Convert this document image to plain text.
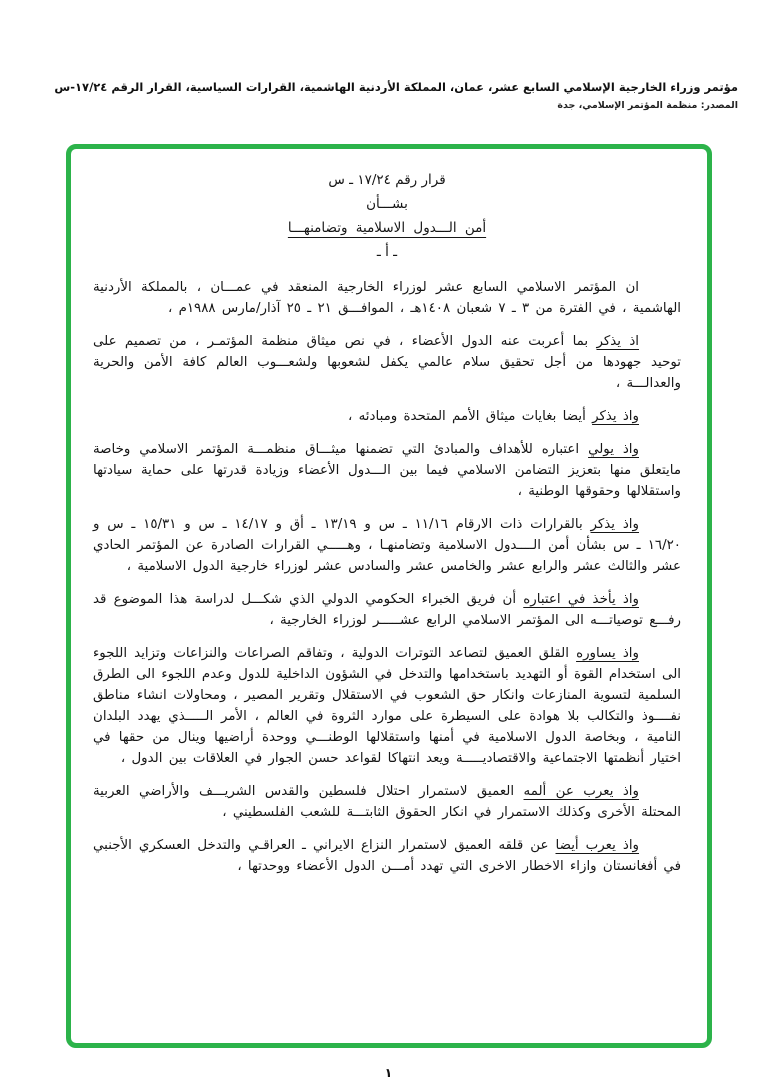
مؤتمر وزراء الخارجية الإسلامي السابع عشر، عمان، المملكة الأردنية الهاشمية، القرارات السياسية، القرار الرقم ١٧/٢٤-س
المصدر: منظمة المؤتمر الإسلامي، جدة
قرار رقم ١٧/٢٤ ـ س
بشـــأن
أمن الـــدول الاسلامية وتضامنهـــا
ـ أ ـ

ان المؤتمر الاسلامي السابع عشر لوزراء الخارجية المنعقد في عمـــان ، بالمملكة الأردنية الهاشمية ، في الفترة من ٣ ـ ٧ شعبان ١٤٠٨هـ ، الموافـــق ٢١ ـ ٢٥ آذار/مارس ١٩٨٨م ،

اذ يذكر بما أعربت عنه الدول الأعضاء ، في نص ميثاق منظمة المؤتمـر ، من تصميم على توحيد جهودها من أجل تحقيق سلام عالمي يكفل لشعوبها ولشعـــوب العالم كافة الأمن والحرية والعدالـــة ،

واذ يذكر أيضا بغايات ميثاق الأمم المتحدة ومبادئه ،

واذ يولي اعتباره للأهداف والمبادئ التي تضمنها ميثـــاق منظمـــة المؤتمر الاسلامي وخاصة مايتعلق منها بتعزيز التضامن الاسلامي فيما بين الـــدول الأعضاء وزيادة قدرتها على حماية سيادتها واستقلالها وحقوقها الوطنية ،

واذ يذكر بالقرارات ذات الارقام ١١/١٦ ـ س و ١٣/١٩ ـ أق و ١٤/١٧ ـ س و ١٥/٣١ ـ س و ١٦/٢٠ ـ س بشأن أمن الــــدول الاسلامية وتضامنهـا ، وهـــــي القرارات الصادرة عن المؤتمر الحادي عشر والثالث عشر والرابع عشر والخامس عشر والسادس عشر لوزراء خارجية الدول الاسلامية ،

واذ يأخذ في اعتباره أن فريق الخبراء الحكومي الدولي الذي شكـــل لدراسة هذا الموضوع قد رفـــع توصياتـــه الى المؤتمر الاسلامي الرابع عشـــــر لوزراء الخارجية ،

واذ يساوره القلق العميق لتصاعد التوترات الدولية ، وتفاقم الصراعات والنزاعات وتزايد اللجوء الى استخدام القوة أو التهديد باستخدامها والتدخل في الشؤون الداخلية للدول وعدم اللجوء الى الطرق السلمية لتسوية المنازعات وانكار حق الشعوب في الاستقلال وتقرير المصير ، ومحاولات انشاء مناطق نفــــوذ والتكالب بلا هوادة على السيطرة على موارد الثروة في العالم ، الأمر الـــــذي يهدد البلدان النامية ، وبخاصة الدول الاسلامية في أمنها واستقلالها الوطنـــي ووحدة أراضيها وينال من حقها في اختيار أنظمتها الاجتماعية والاقتصاديـــــة ويعد انتهاكا لقواعد حسن الجوار في العلاقات بين الدول ،

واذ يعرب عن ألمه العميق لاستمرار احتلال فلسطين والقدس الشريـــف والأراضي العربية المحتلة الأخرى وكذلك الاستمرار في انكار الحقوق الثابتـــة للشعب الفلسطيني ،

واذ يعرب أيضا عن قلقه العميق لاستمرار النزاع الايراني ـ العراقـي والتدخل العسكري الأجنبي في أفغانستان وازاء الاخطار الاخرى التي تهدد أمـــن الدول الأعضاء ووحدتها ،

١
